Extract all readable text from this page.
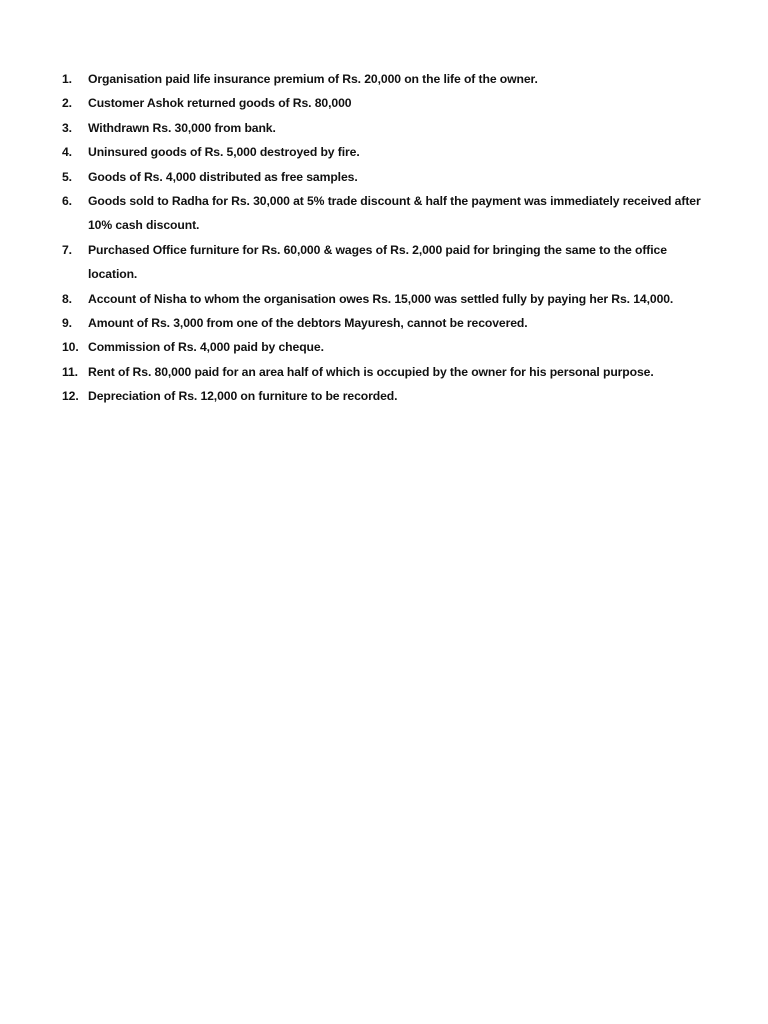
1.	Organisation paid life insurance premium of Rs. 20,000 on the life of the owner.
2.	Customer Ashok returned goods of Rs. 80,000
3.	Withdrawn Rs. 30,000 from bank.
4.	Uninsured goods of Rs. 5,000 destroyed by fire.
5.	Goods of Rs. 4,000 distributed as free samples.
6.	Goods sold to Radha for Rs. 30,000 at 5% trade discount & half the payment was immediately received after 10% cash discount.
7.	Purchased Office furniture for Rs. 60,000 & wages of Rs. 2,000 paid for bringing the same to the office location.
8.	Account of Nisha to whom the organisation owes Rs. 15,000 was settled fully by paying her Rs. 14,000.
9.	Amount of Rs. 3,000 from one of the debtors Mayuresh, cannot be recovered.
10. Commission of Rs. 4,000 paid by cheque.
11. Rent of Rs. 80,000 paid for an area half of which is occupied by the owner for his personal purpose.
12. Depreciation of Rs. 12,000 on furniture to be recorded.
